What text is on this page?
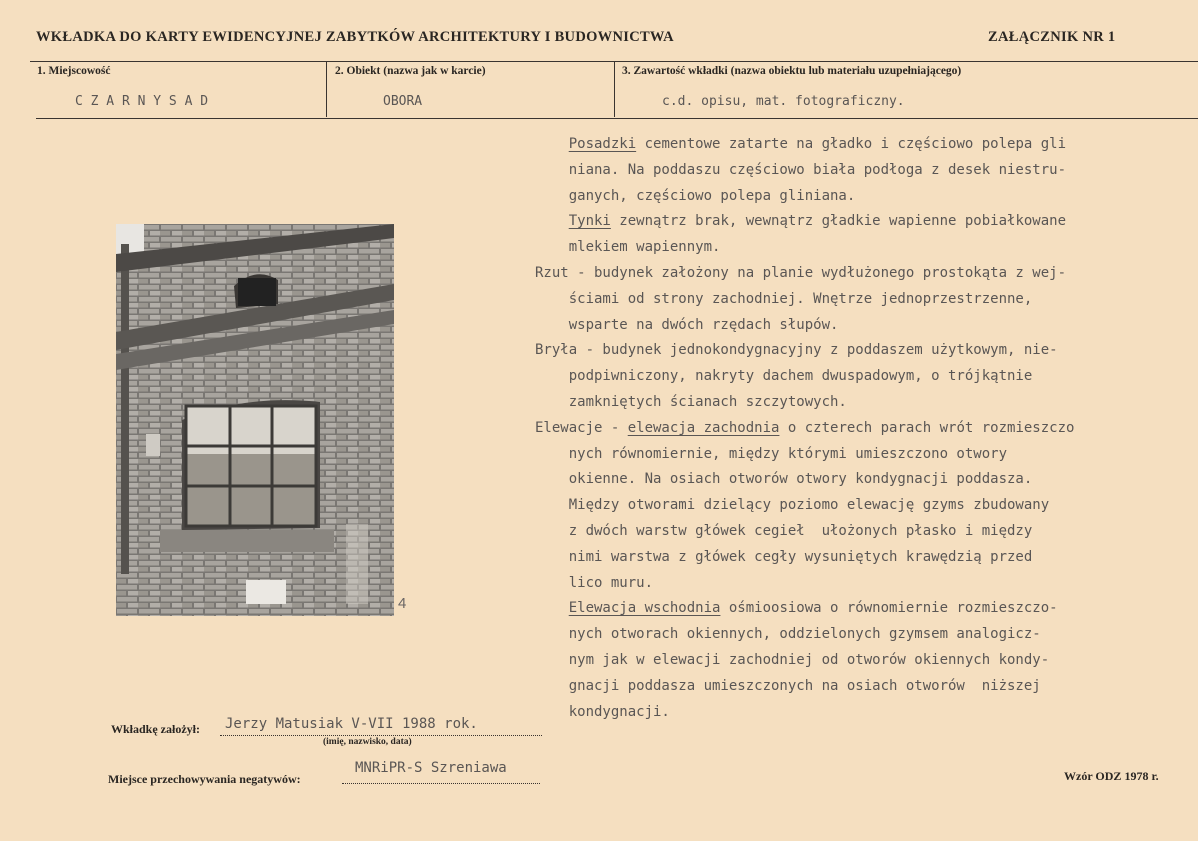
WKŁADKA DO KARTY EWIDENCYJNEJ ZABYTKÓW ARCHITEKTURY I BUDOWNICTWA	ZAŁĄCZNIK NR 1
1. Miejscowość	2. Obiekt (nazwa jak w karcie)	3. Zawartość wkładki (nazwa obiektu lub materiału uzupełniającego)
C Z A R N Y S A D	OBORA	c.d. opisu, mat. fotograficzny.
4
Posadzki cementowe zatarte na gładko i częściowo polepa gli
niana. Na poddaszu częściowo biała podłoga z desek niestru-
ganych, częściowo polepa gliniana.
Tynki zewnątrz brak, wewnątrz gładkie wapienne pobiałkowane
mlekiem wapiennym.
Rzut - budynek założony na planie wydłużonego prostokąta z wej-
ściami od strony zachodniej. Wnętrze jednoprzestrzenne,
wsparte na dwóch rzędach słupów.
Bryła - budynek jednokondygnacyjny z poddaszem użytkowym, nie-
podpiwniczony, nakryty dachem dwuspadowym, o trójkątnie
zamkniętych ścianach szczytowych.
Elewacje - elewacja zachodnia o czterech parach wrót rozmieszczo
nych równomiernie, między którymi umieszczono otwory
okienne. Na osiach otworów otwory kondygnacji poddasza.
Między otworami dzielący poziomo elewację gzyms zbudowany
z dwóch warstw główek cegieł  ułożonych płasko i między
nimi warstwa z główek cegły wysuniętych krawędzią przed
lico muru.
Elewacja wschodnia ośmioosiowa o równomiernie rozmieszczo-
nych otworach okiennych, oddzielonych gzymsem analogicz-
nym jak w elewacji zachodniej od otworów okiennych kondy-
gnacji poddasza umieszczonych na osiach otworów  niższej
kondygnacji.
Wkładkę założył: Jerzy Matusiak V-VII 1988 rok.
(imię, nazwisko, data)
Miejsce przechowywania negatywów:
MNRiPR-S Szreniawa	Wzór ODZ 1978 r.
